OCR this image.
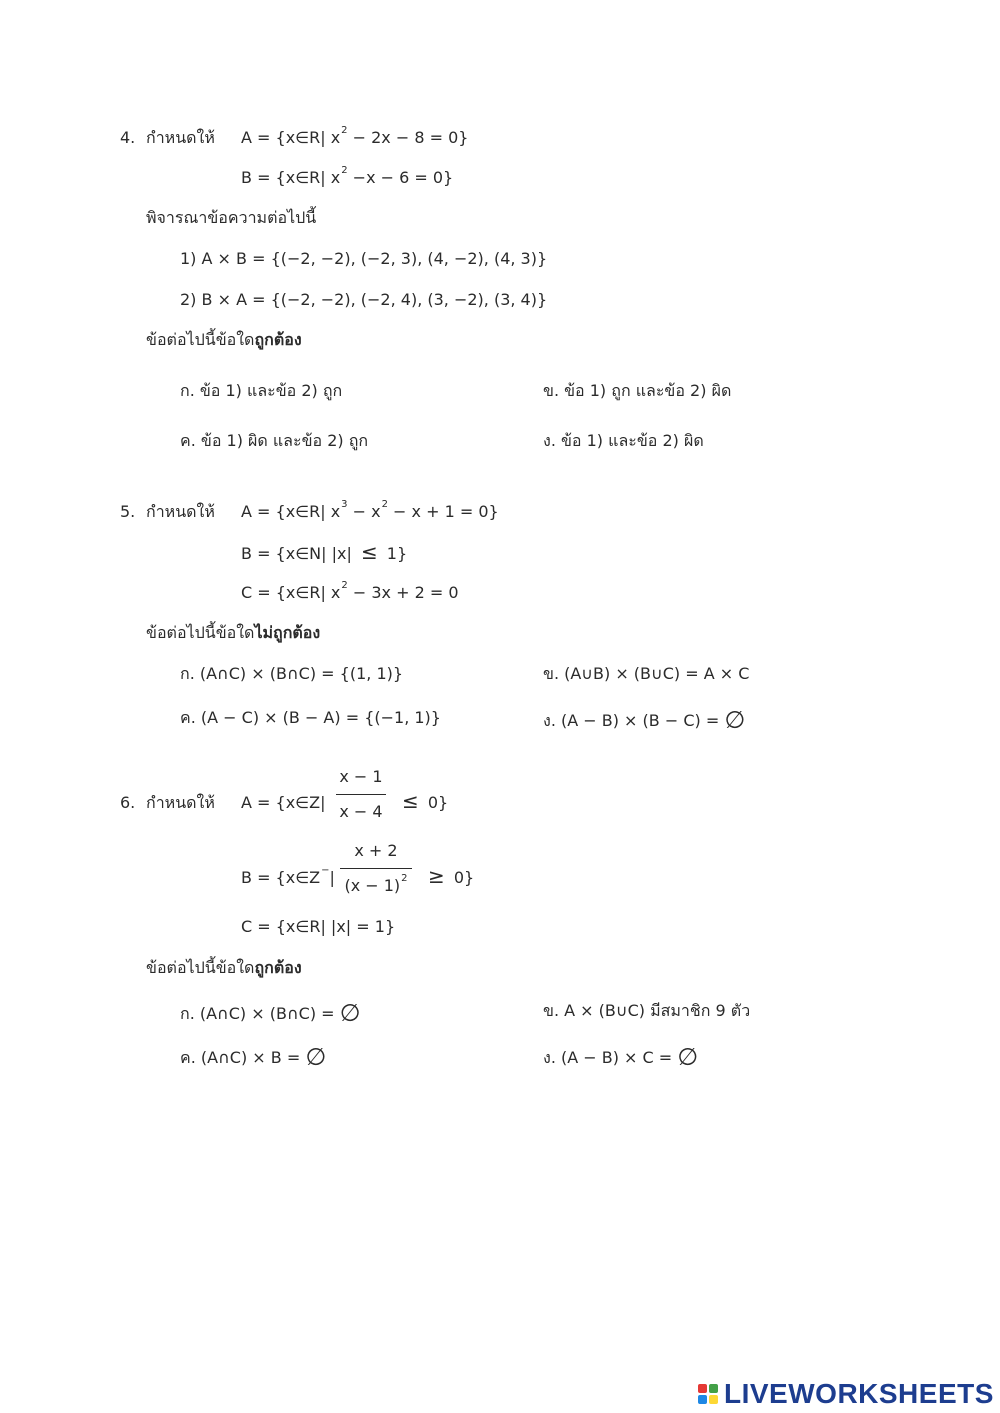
4. กำหนดให้ A = {x∈R| $x^2 - 2x - 8 = 0$}
B = {x∈R| $x^2 -x - 6 = 0$}
พิจารณาข้อความต่อไปนี้
1) A × B = {(−2, −2), (−2, 3), (4, −2), (4, 3)}
2) B × A = {(−2, −2), (−2, 4), (3, −2), (3, 4)}
ข้อต่อไปนี้ข้อใดถูกต้อง
ก. ข้อ 1) และข้อ 2) ถูก	ข. ข้อ 1) ถูก และข้อ 2) ผิด
ค. ข้อ 1) ผิด และข้อ 2) ถูก	ง. ข้อ 1) และข้อ 2) ผิด
5. กำหนดให้ A = {x∈R| $x^3 - x^2 - x + 1 = 0$}
B = {x∈N| |x| ≤ 1}
C = {x∈R| $x^2 - 3x + 2 = 0$
ข้อต่อไปนี้ข้อใดไม่ถูกต้อง
ก. (A∩C) × (B∩C) = {(1, 1)}	ข. (A∪B) × (B∪C) = A × C
ค. (A − C) × (B − A) = {(−1, 1)}	ง. (A − B) × (B − C) = ∅
6. กำหนดให้ A = {x∈Z|
x − 1
x − 4 ≤ 0}
B = {x∈Z−|
x + 2
$(x - 1)^2 \ge 0$}
C = {x∈R| |x| = 1}
ข้อต่อไปนี้ข้อใดถูกต้อง
ก. (A∩C) × (B∩C) = ∅	ข. A × (B∪C) มีสมาชิก 9 ตัว
ค. (A∩C) × B = ∅	ง. (A − B) × C = ∅
LIVEWORKSHEETS
